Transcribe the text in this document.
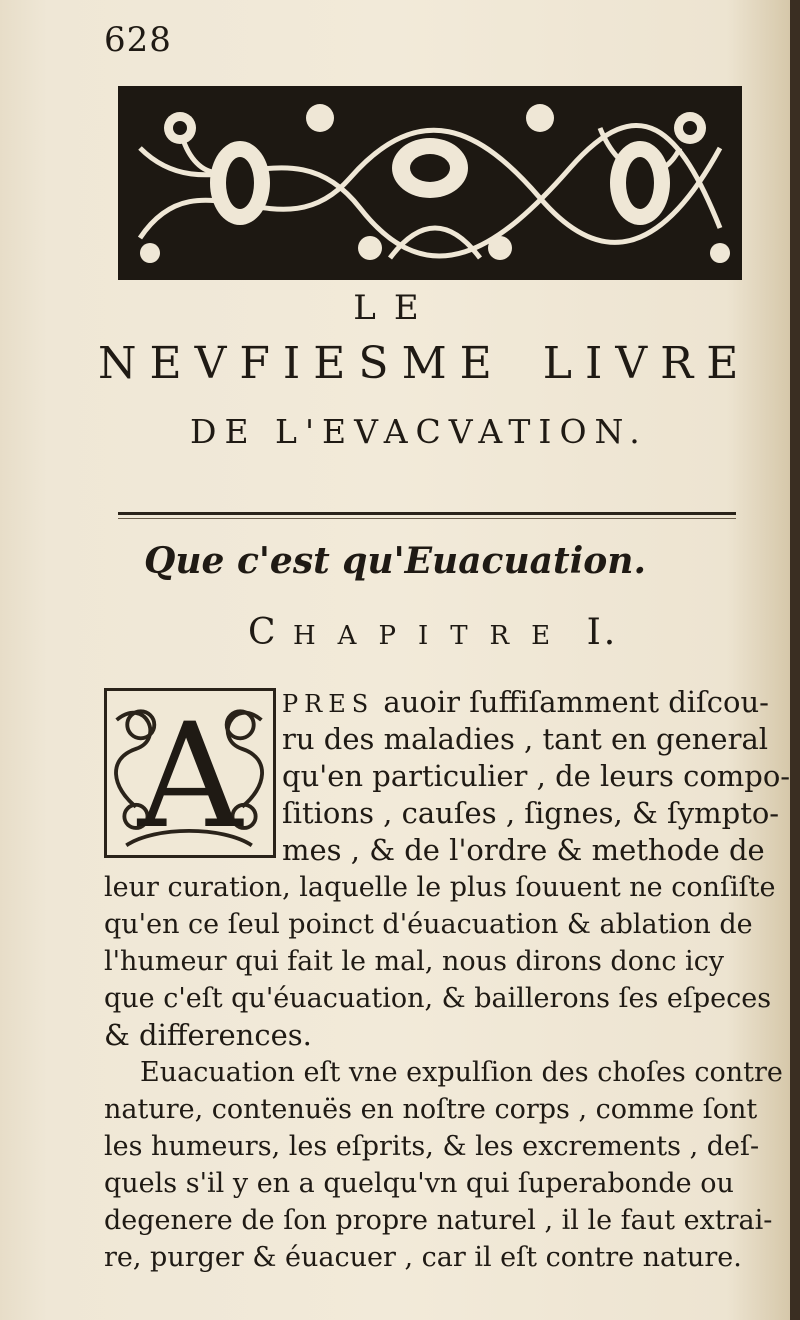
628
LE
NEVFIESME LIVRE
DE L'EVACVATION.
Que c'est qu'Euacuation.
C HAPITRE I.
A PRES auoir ſuffiſamment diſcou-
ru des maladies , tant en general
qu'en particulier , de leurs compo-
ſitions , cauſes , ſignes, & ſympto-
mes , & de l'ordre & methode de
leur curation, laquelle le plus ſouuent ne conſiſte
qu'en ce ſeul poinct d'éuacuation & ablation de
l'humeur qui fait le mal, nous dirons donc icy
que c'eſt qu'éuacuation, & baillerons ſes eſpeces
& differences.
Euacuation eſt vne expulſion des choſes contre
nature, contenuës en noſtre corps , comme ſont
les humeurs, les eſprits, & les excrements , deſ-
quels s'il y en a quelqu'vn qui ſuperabonde ou
degenere de ſon propre naturel , il le faut extrai-
re, purger & éuacuer , car il eſt contre nature.
